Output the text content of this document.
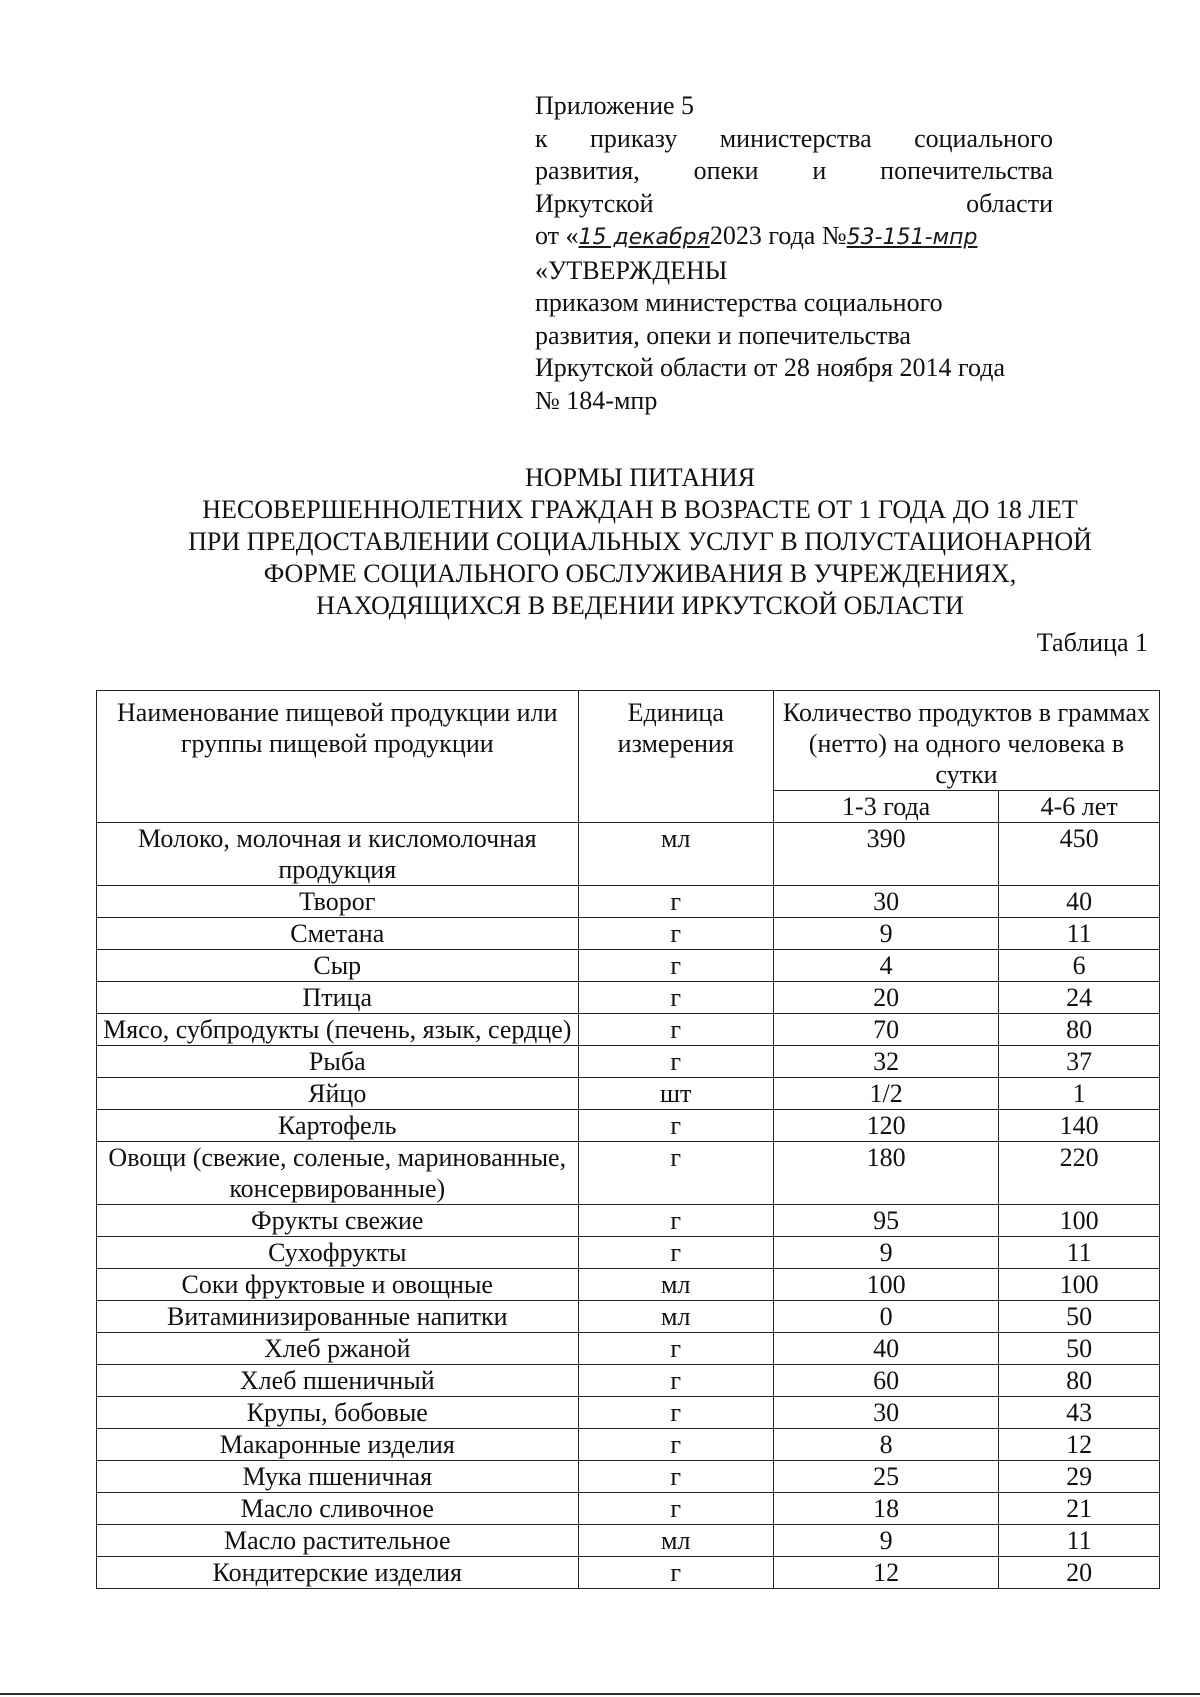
Приложение 5
к приказу министерства социального
развития, опеки и попечительства
Иркутской	области
от «15 декабря2023 года №53-151-мпр
«УТВЕРЖДЕНЫ
приказом министерства социального
развития, опеки и попечительства
Иркутской области от 28 ноября 2014 года
№ 184-мпр
НОРМЫ ПИТАНИЯ
НЕСОВЕРШЕННОЛЕТНИХ ГРАЖДАН В ВОЗРАСТЕ ОТ 1 ГОДА ДО 18 ЛЕТ
ПРИ ПРЕДОСТАВЛЕНИИ СОЦИАЛЬНЫХ УСЛУГ В ПОЛУСТАЦИОНАРНОЙ
ФОРМЕ СОЦИАЛЬНОГО ОБСЛУЖИВАНИЯ В УЧРЕЖДЕНИЯХ,
НАХОДЯЩИХСЯ В ВЕДЕНИИ ИРКУТСКОЙ ОБЛАСТИ
Таблица 1
Наименование пищевой продукции или группы пищевой продукции	Единица измерения	Количество продуктов в граммах (нетто) на одного человека в сутки	
		1-3 года	4-6 лет
Молоко, молочная и кисломолочная продукция	мл	390	450
Творог	г	30	40
Сметана	г	9	11
Сыр	г	4	6
Птица	г	20	24
Мясо, субпродукты (печень, язык, сердце)	г	70	80
Рыба	г	32	37
Яйцо	шт	1/2	1
Картофель	г	120	140
Овощи (свежие, соленые, маринованные, консервированные)	г	180	220
Фрукты свежие	г	95	100
Сухофрукты	г	9	11
Соки фруктовые и овощные	мл	100	100
Витаминизированные напитки	мл	0	50
Хлеб ржаной	г	40	50
Хлеб пшеничный	г	60	80
Крупы, бобовые	г	30	43
Макаронные изделия	г	8	12
Мука пшеничная	г	25	29
Масло сливочное	г	18	21
Масло растительное	мл	9	11
Кондитерские изделия	г	12	20
